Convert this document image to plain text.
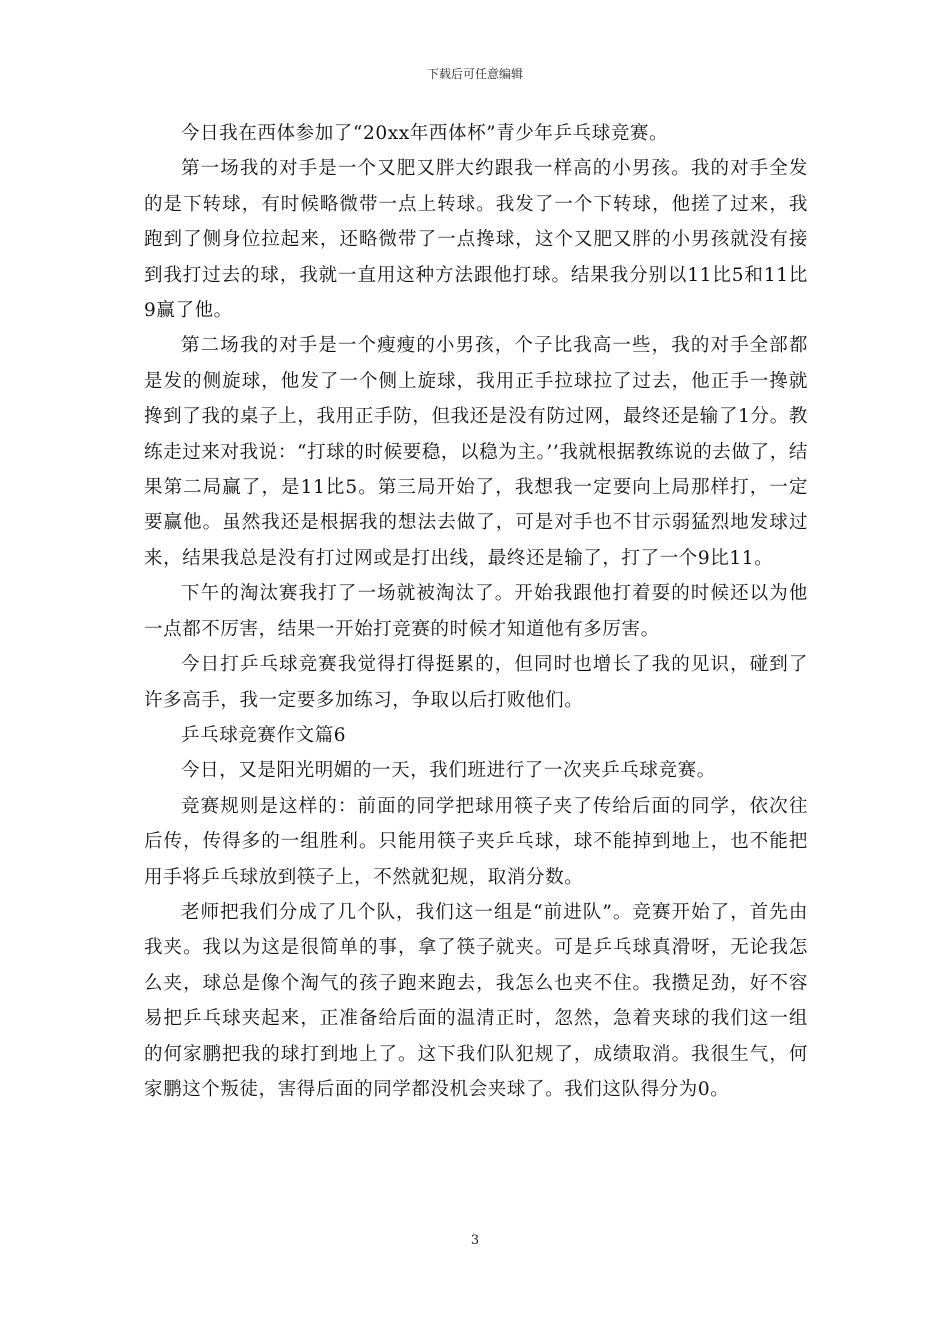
下载后可任意编辑

今日我在西体参加了“20xx年西体杯”青少年乒乓球竞赛。

第一场我的对手是一个又肥又胖大约跟我一样高的小男孩。我的对手全发的是下转球，有时候略微带一点上转球。我发了一个下转球，他搓了过来，我跑到了侧身位拉起来，还略微带了一点搀球，这个又肥又胖的小男孩就没有接到我打过去的球，我就一直用这种方法跟他打球。结果我分别以11比5和11比9赢了他。

第二场我的对手是一个瘦瘦的小男孩，个子比我高一些，我的对手全部都是发的侧旋球，他发了一个侧上旋球，我用正手拉球拉了过去，他正手一搀就搀到了我的桌子上，我用正手防，但我还是没有防过网，最终还是输了1分。教练走过来对我说：“打球的时候要稳，以稳为主。’’我就根据教练说的去做了，结果第二局赢了，是11比5。第三局开始了，我想我一定要向上局那样打，一定要赢他。虽然我还是根据我的想法去做了，可是对手也不甘示弱猛烈地发球过来，结果我总是没有打过网或是打出线，最终还是输了，打了一个9比11。

下午的淘汰赛我打了一场就被淘汰了。开始我跟他打着耍的时候还以为他一点都不厉害，结果一开始打竞赛的时候才知道他有多厉害。

今日打乒乓球竞赛我觉得打得挺累的，但同时也增长了我的见识，碰到了许多高手，我一定要多加练习，争取以后打败他们。

乒乓球竞赛作文篇6

今日，又是阳光明媚的一天，我们班进行了一次夹乒乓球竞赛。

竞赛规则是这样的：前面的同学把球用筷子夹了传给后面的同学，依次往后传，传得多的一组胜利。只能用筷子夹乒乓球，球不能掉到地上，也不能把用手将乒乓球放到筷子上，不然就犯规，取消分数。

老师把我们分成了几个队，我们这一组是“前进队”。竞赛开始了，首先由我夹。我以为这是很简单的事，拿了筷子就夹。可是乒乓球真滑呀，无论我怎么夹，球总是像个淘气的孩子跑来跑去，我怎么也夹不住。我攒足劲，好不容易把乒乓球夹起来，正准备给后面的温清正时，忽然，急着夹球的我们这一组的何家鹏把我的球打到地上了。这下我们队犯规了，成绩取消。我很生气，何家鹏这个叛徒，害得后面的同学都没机会夹球了。我们这队得分为0。

3
